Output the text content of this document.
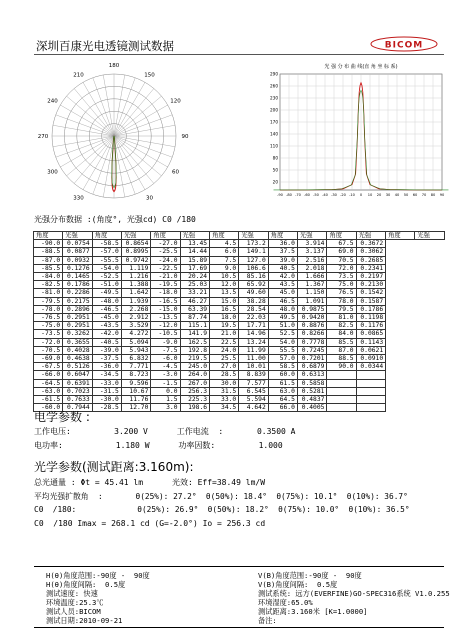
深圳百康光电透镜测试数据	BICOM
30
60
90
120
150
180
210
240
270
300
330
光 强 分 布 曲 线(直 角 坐 标 系)
290
260
230
200
170
140
110
80
50
20
-90 -80 -70 -60 -50 -40 -30 -20 -10 0 10 20 30 40 50 60 70 80 90
光强分布数据 :(角度°, 光强cd) C0 /180
角度	光强	角度	光强	角度	光强	角度	光强	角度	光强	角度	光强	角度	光强
-90.0	0.0754	-58.5	0.8654	-27.0	13.45	4.5	173.2	36.0	3.914	67.5	0.3672		
-88.5	0.0877	-57.0	0.8995	-25.5	14.44	6.0	149.1	37.5	3.137	69.0	0.3062		
-87.0	0.0932	-55.5	0.9742	-24.0	15.89	7.5	127.0	39.0	2.516	70.5	0.2685		
-85.5	0.1276	-54.0	1.119	-22.5	17.69	9.0	106.6	40.5	2.018	72.0	0.2341		
-84.0	0.1465	-52.5	1.216	-21.0	20.24	10.5	85.16	42.0	1.666	73.5	0.2197		
-82.5	0.1786	-51.0	1.388	-19.5	25.03	12.0	65.92	43.5	1.367	75.0	0.2130		
-81.0	0.2286	-49.5	1.642	-18.0	33.21	13.5	49.60	45.0	1.150	76.5	0.1542		
-79.5	0.2175	-48.0	1.939	-16.5	46.27	15.0	38.28	46.5	1.091	78.0	0.1587		
-78.0	0.2896	-46.5	2.268	-15.0	63.39	16.5	28.54	48.0	0.9875	79.5	0.1786		
-76.5	0.2951	-45.0	2.912	-13.5	87.74	18.0	22.03	49.5	0.9420	81.0	0.1198		
-75.0	0.2951	-43.5	3.529	-12.0	115.1	19.5	17.71	51.0	0.8876	82.5	0.1176		
-73.5	0.3262	-42.0	4.272	-10.5	141.9	21.0	14.96	52.5	0.8266	84.0	0.0865		
-72.0	0.3655	-40.5	5.094	-9.0	162.5	22.5	13.24	54.0	0.7778	85.5	0.1143		
-70.5	0.4028	-39.0	5.943	-7.5	192.8	24.0	11.99	55.5	0.7245	87.0	0.0621		
-69.0	0.4638	-37.5	6.832	-6.0	219.5	25.5	11.00	57.0	0.7201	88.5	0.0910		
-67.5	0.5126	-36.0	7.771	-4.5	245.0	27.0	10.01	58.5	0.6879	90.0	0.0344		
-66.0	0.6047	-34.5	8.723	-3.0	264.0	28.5	8.839	60.0	0.6313				
-64.5	0.6391	-33.0	9.596	-1.5	267.0	30.0	7.577	61.5	0.5858				
-63.0	0.7023	-31.5	10.67	0.0	256.3	31.5	6.545	63.0	0.5281				
-61.5	0.7633	-30.0	11.76	1.5	225.3	33.0	5.594	64.5	0.4837				
-60.0	0.7944	-28.5	12.70	3.0	198.6	34.5	4.642	66.0	0.4005				
电学参数 :
工作电压:         3.200 V      工作电流  :       0.3500 A
电功率:           1.180 W      功率因数:         1.000
光学参数(测试距离:3.160m):
总光通量 : Φt = 45.41 lm      光效: Eff=38.49 lm/W
平均光强扩散角  :       θ(25%): 27.2°  θ(50%): 18.4°  θ(75%): 10.1°  θ(10%): 36.7°
C0  /180:             θ(25%): 26.9°  θ(50%): 18.2°  θ(75%): 10.0°  θ(10%): 36.5°
C0  /180 Imax = 268.1 cd (G=-2.0°) Io = 256.3 cd
H(θ)角度范围:-90度 -  90度	V(B)角度范围:-90度 -  90度
H(θ)角度间隔:  0.5度	V(B)角度间隔:  0.5度
测试速度: 快速	测试系统: 远方(EVERFINE)GO-SPEC316系统 V1.0.255
环境温度:25.3℃	环境湿度:65.0%
测试人员:BICOM	测试距离:3.160米 [K=1.0000]
测试日期:2010-09-21	备注:
